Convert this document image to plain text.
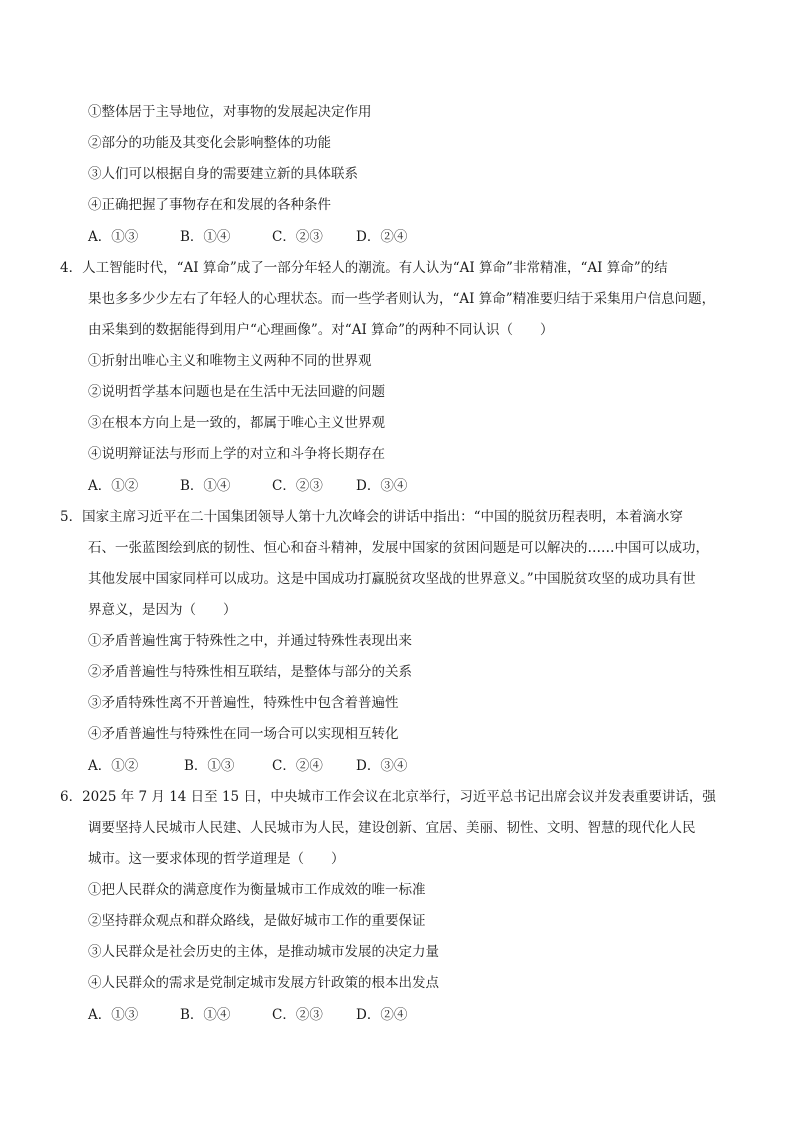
①整体居于主导地位，对事物的发展起决定作用
②部分的功能及其变化会影响整体的功能
③人们可以根据自身的需要建立新的具体联系
④正确把握了事物存在和发展的各种条件
A．①③	B．①④	C．②③ D．②④
4．人工智能时代，“AI 算命”成了一部分年轻人的潮流。有人认为“AI 算命”非常精准，“AI 算命”的结
果也多多少少左右了年轻人的心理状态。而一些学者则认为，“AI 算命”精准要归结于采集用户信息问题，
由采集到的数据能得到用户“心理画像”。对“AI 算命”的两种不同认识（　　）
①折射出唯心主义和唯物主义两种不同的世界观
②说明哲学基本问题也是在生活中无法回避的问题
③在根本方向上是一致的，都属于唯心主义世界观
④说明辩证法与形而上学的对立和斗争将长期存在
A．①②	B．①④	C．②③ D．③④
5．国家主席习近平在二十国集团领导人第十九次峰会的讲话中指出：“中国的脱贫历程表明，本着滴水穿
石、一张蓝图绘到底的韧性、恒心和奋斗精神，发展中国家的贫困问题是可以解决的……中国可以成功，
其他发展中国家同样可以成功。这是中国成功打赢脱贫攻坚战的世界意义。”中国脱贫攻坚的成功具有世
界意义，是因为（　　）
①矛盾普遍性寓于特殊性之中，并通过特殊性表现出来
②矛盾普遍性与特殊性相互联结，是整体与部分的关系
③矛盾特殊性离不开普遍性，特殊性中包含着普遍性
④矛盾普遍性与特殊性在同一场合可以实现相互转化
A．①②	B．①③	C．②④ D．③④
6．2025 年 7 月 14 日至 15 日，中央城市工作会议在北京举行，习近平总书记出席会议并发表重要讲话，强
调要坚持人民城市人民建、人民城市为人民，建设创新、宜居、美丽、韧性、文明、智慧的现代化人民
城市。这一要求体现的哲学道理是（　　）
①把人民群众的满意度作为衡量城市工作成效的唯一标准
②坚持群众观点和群众路线，是做好城市工作的重要保证
③人民群众是社会历史的主体，是推动城市发展的决定力量
④人民群众的需求是党制定城市发展方针政策的根本出发点
A．①③	B．①④	C．②③ D．②④
